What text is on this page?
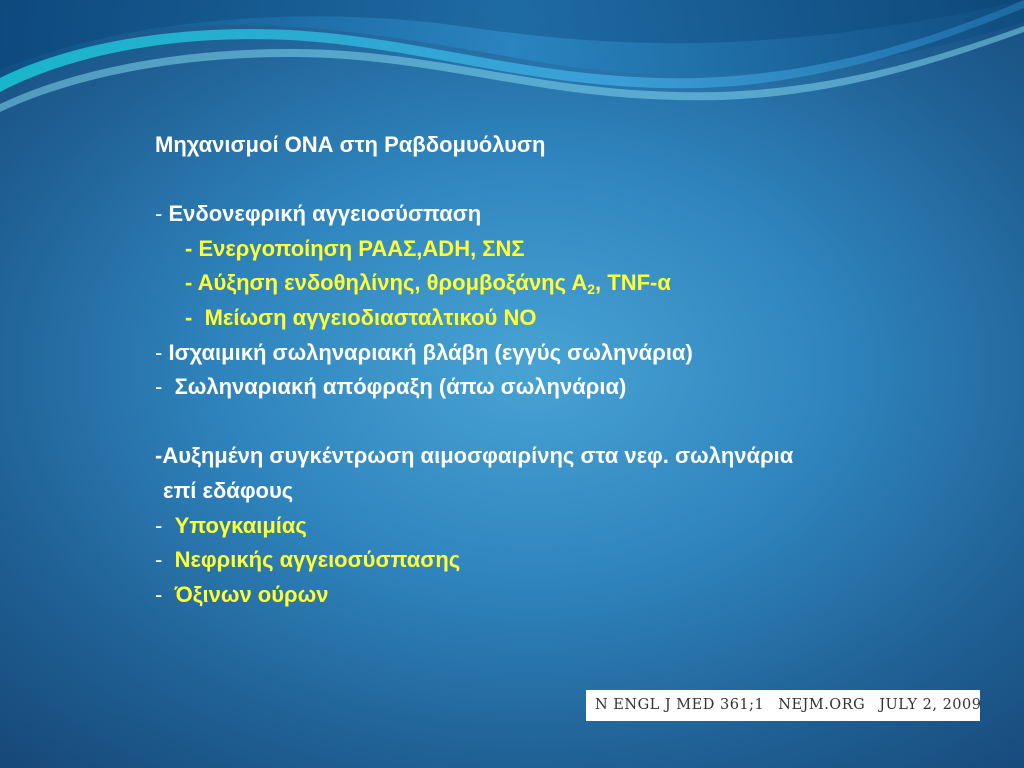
Μηχανισμοί ΟΝΑ στη Ραβδομυόλυση
- Ενδονεφρική αγγειοσύσπαση
- Ενεργοποίηση ΡΑΑΣ,ADH, ΣΝΣ
- Αύξηση ενδοθηλίνης, θρομβοξάνης $A_2$, TNF-α
-  Μείωση αγγειοδιασταλτικού NO
- Ισχαιμική σωληναριακή βλάβη (εγγύς σωληνάρια)
-  Σωληναριακή απόφραξη (άπω σωληνάρια)
-Αυξημένη συγκέντρωση αιμοσφαιρίνης στα νεφ. σωληνάρια
επί εδάφους
-  Υπογκαιμίας
-  Νεφρικής αγγειοσύσπασης
-  Όξινων ούρων
N ENGL J MED 361;1 NEJM.ORG JULY 2, 2009
